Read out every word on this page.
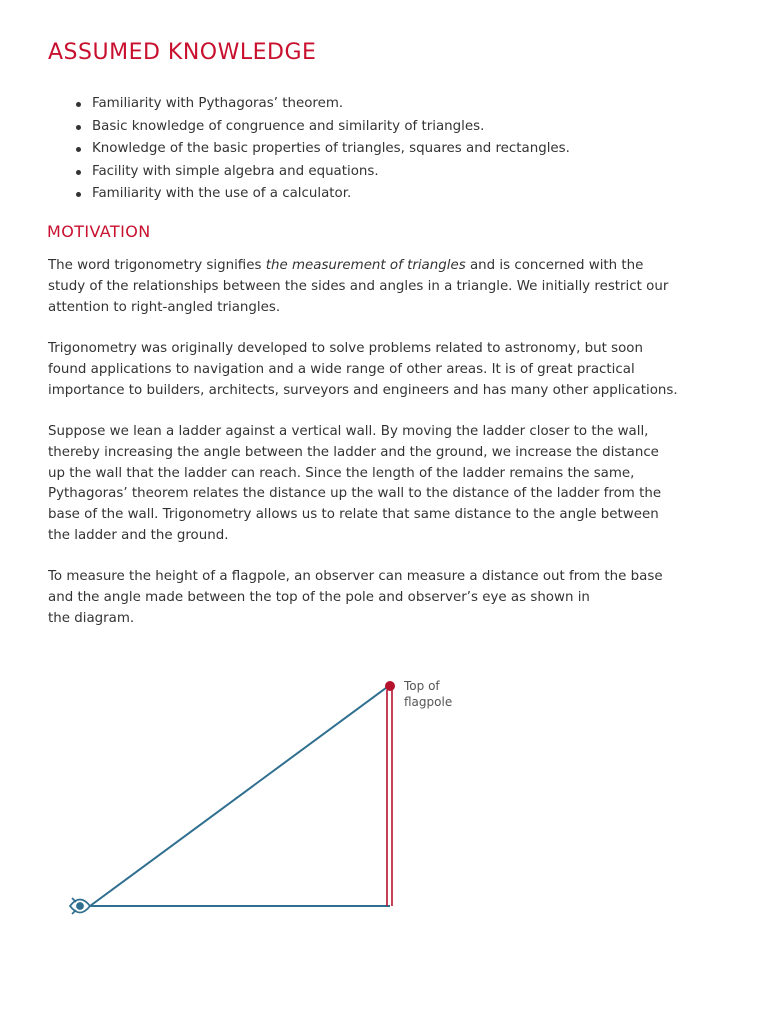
ASSUMED KNOWLEDGE
Familiarity with Pythagoras’ theorem.
Basic knowledge of congruence and similarity of triangles.
Knowledge of the basic properties of triangles, squares and rectangles.
Facility with simple algebra and equations.
Familiarity with the use of a calculator.
MOTIVATION

The word trigonometry signifies the measurement of triangles and is concerned with the
study of the relationships between the sides and angles in a triangle. We initially restrict our
attention to right-angled triangles.

Trigonometry was originally developed to solve problems related to astronomy, but soon
found applications to navigation and a wide range of other areas. It is of great practical
importance to builders, architects, surveyors and engineers and has many other applications.

Suppose we lean a ladder against a vertical wall. By moving the ladder closer to the wall,
thereby increasing the angle between the ladder and the ground, we increase the distance
up the wall that the ladder can reach. Since the length of the ladder remains the same,
Pythagoras’ theorem relates the distance up the wall to the distance of the ladder from the
base of the wall. Trigonometry allows us to relate that same distance to the angle between
the ladder and the ground.

To measure the height of a flagpole, an observer can measure a distance out from the base
and the angle made between the top of the pole and observer’s eye as shown in
the diagram.

Top of
flagpole
